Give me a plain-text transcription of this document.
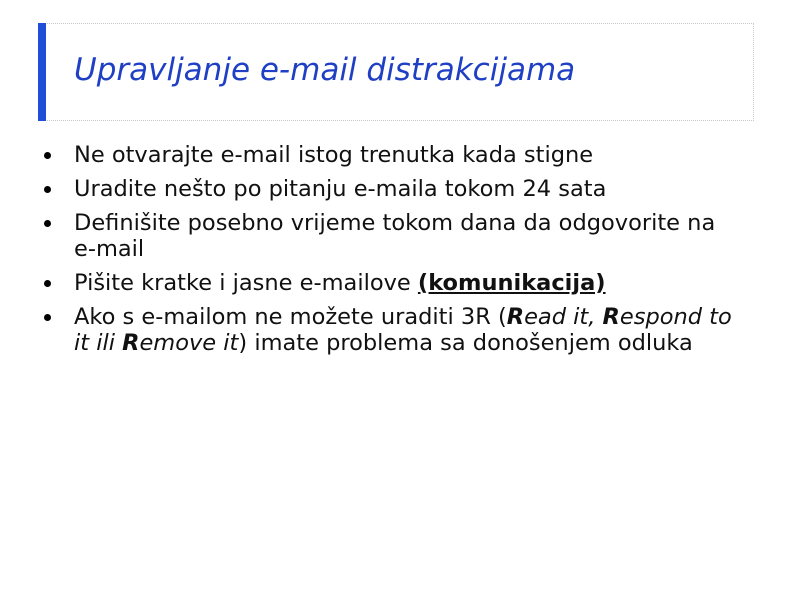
Upravljanje e-mail distrakcijama
Ne otvarajte e-mail istog trenutka kada stigne
Uradite nešto po pitanju e-maila tokom 24 sata
Definišite posebno vrijeme tokom dana da odgovorite na e-mail
Pišite kratke i jasne e-mailove (komunikacija)
Ako s e-mailom ne možete uraditi 3R (Read it, Respond to it ili Remove it) imate problema sa donošenjem odluka
